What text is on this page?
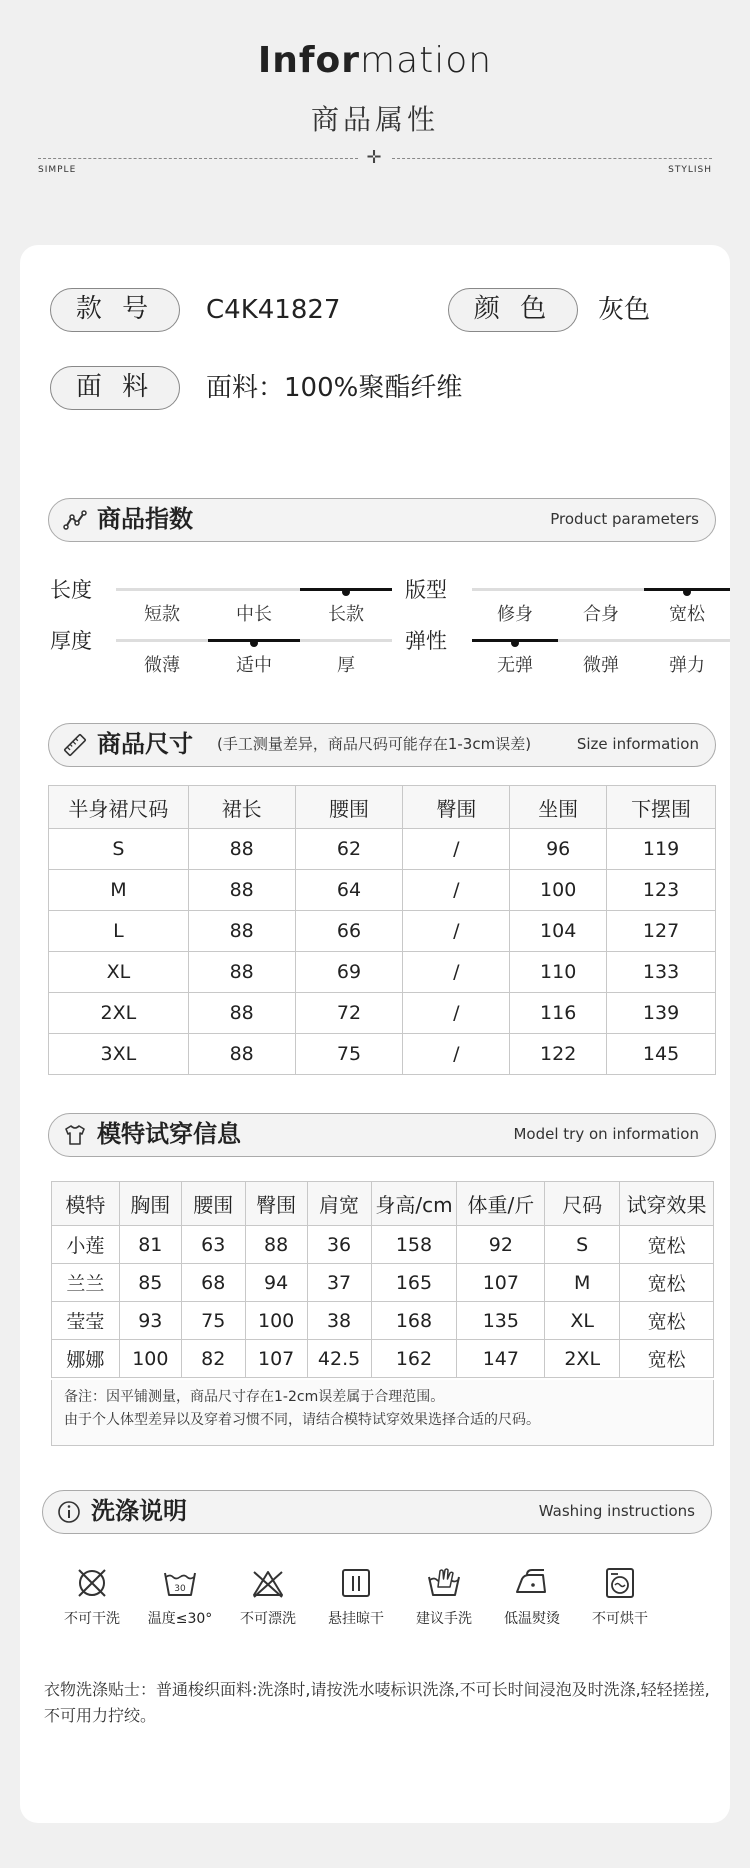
Information
商品属性
✛
SIMPLE	STYLISH
款 号	C4K41827	颜 色	灰色
面 料	面料：100%聚酯纤维
商品指数	Product parameters
长度
短款	中长	长款
版型
修身	合身	宽松
厚度
微薄	适中	厚
弹性
无弹	微弹	弹力
商品尺寸 (手工测量差异，商品尺码可能存在1-3cm误差)	Size information
半身裙尺码	裙长	腰围	臀围	坐围	下摆围
S	88	62	/	96	119
M	88	64	/	100	123
L	88	66	/	104	127
XL	88	69	/	110	133
2XL	88	72	/	116	139
3XL	88	75	/	122	145
模特试穿信息	Model try on information
模特	胸围	腰围	臀围	肩宽	身高/cm	体重/斤	尺码	试穿效果
小莲	81	63	88	36	158	92	S	宽松
兰兰	85	68	94	37	165	107	M	宽松
莹莹	93	75	100	38	168	135	XL	宽松
娜娜	100	82	107	42.5	162	147	2XL	宽松
备注：因平铺测量，商品尺寸存在1-2cm误差属于合理范围。
由于个人体型差异以及穿着习惯不同，请结合模特试穿效果选择合适的尺码。
洗涤说明	Washing instructions
不可干洗
30
温度≤30°	不可漂洗	悬挂晾干	建议手洗	低温熨烫	不可烘干
衣物洗涤贴士：普通梭织面料:洗涤时,请按洗水唛标识洗涤,不可长时间浸泡及时洗涤,轻轻搓搓,不可用力拧绞。
